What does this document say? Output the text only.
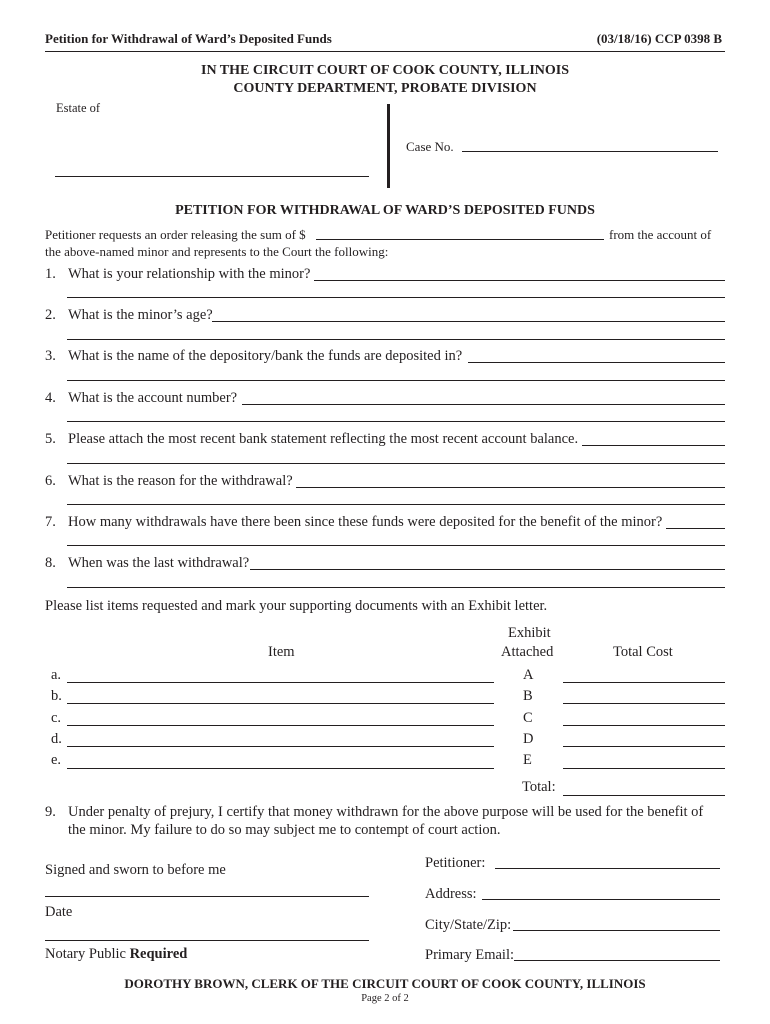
Petition for Withdrawal of Ward’s Deposited Funds	(03/18/16) CCP 0398 B
IN THE CIRCUIT COURT OF COOK COUNTY, ILLINOIS
COUNTY DEPARTMENT, PROBATE DIVISION
Estate of
Case No.
PETITION FOR WITHDRAWAL OF WARD’S DEPOSITED FUNDS
Petitioner requests an order releasing the sum of $	from the account of
the above-named minor and represents to the Court the following:
1. What is your relationship with the minor?
2. What is the minor’s age?
3. What is the name of the depository/bank the funds are deposited in?
4. What is the account number?
5. Please attach the most recent bank statement reflecting the most recent account balance.
6. What is the reason for the withdrawal?
7. How many withdrawals have there been since these funds were deposited for the benefit of the minor?
8. When was the last withdrawal?
Please list items requested and mark your supporting documents with an Exhibit letter.
Exhibit
Item	Attached	Total Cost
a.	A
b.	B
c.	C
d.	D
e.	E
Total:
9. Under penalty of prejury, I certify that money withdrawn for the above purpose will be used for the benefit of
the minor. My failure to do so may subject me to contempt of court action.
Signed and sworn to before me
Date
Notary Public Required
Petitioner:
Address:
City/State/Zip:
Primary Email:
DOROTHY BROWN, CLERK OF THE CIRCUIT COURT OF COOK COUNTY, ILLINOIS
Page 2 of 2
